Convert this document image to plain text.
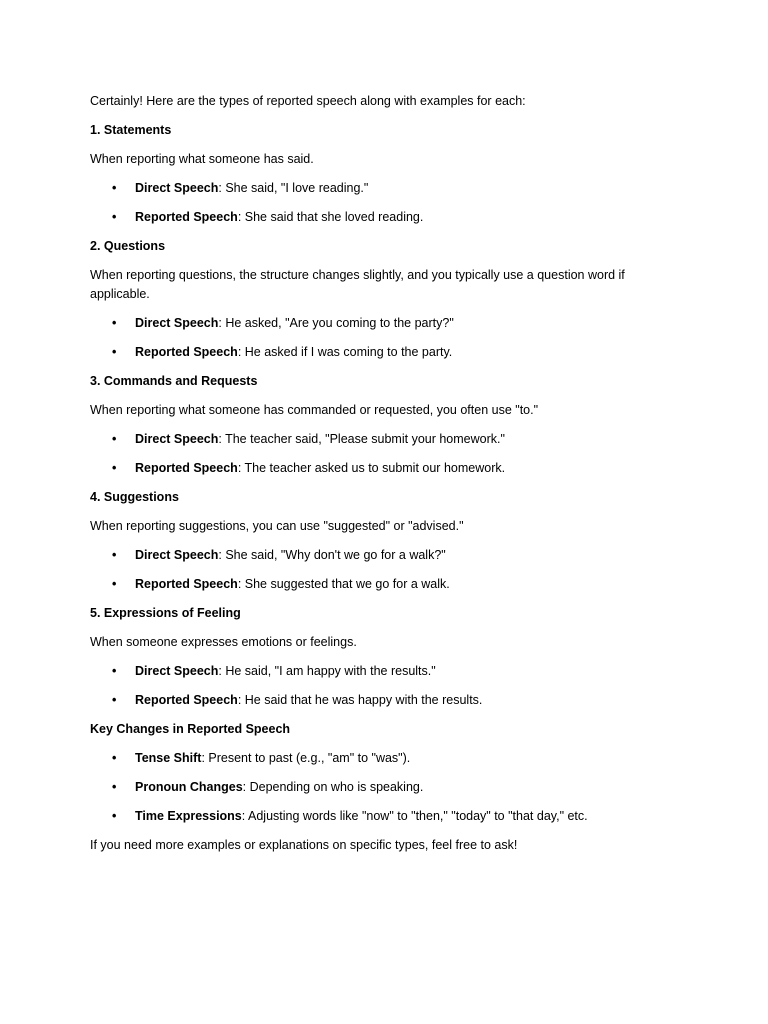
Certainly! Here are the types of reported speech along with examples for each:

1. Statements

When reporting what someone has said.

• Direct Speech: She said, "I love reading."
• Reported Speech: She said that she loved reading.

2. Questions

When reporting questions, the structure changes slightly, and you typically use a question word if applicable.

• Direct Speech: He asked, "Are you coming to the party?"
• Reported Speech: He asked if I was coming to the party.

3. Commands and Requests

When reporting what someone has commanded or requested, you often use "to."

• Direct Speech: The teacher said, "Please submit your homework."
• Reported Speech: The teacher asked us to submit our homework.

4. Suggestions

When reporting suggestions, you can use "suggested" or "advised."

• Direct Speech: She said, "Why don't we go for a walk?"
• Reported Speech: She suggested that we go for a walk.

5. Expressions of Feeling

When someone expresses emotions or feelings.

• Direct Speech: He said, "I am happy with the results."
• Reported Speech: He said that he was happy with the results.

Key Changes in Reported Speech

• Tense Shift: Present to past (e.g., "am" to "was").
• Pronoun Changes: Depending on who is speaking.
• Time Expressions: Adjusting words like "now" to "then," "today" to "that day," etc.

If you need more examples or explanations on specific types, feel free to ask!
